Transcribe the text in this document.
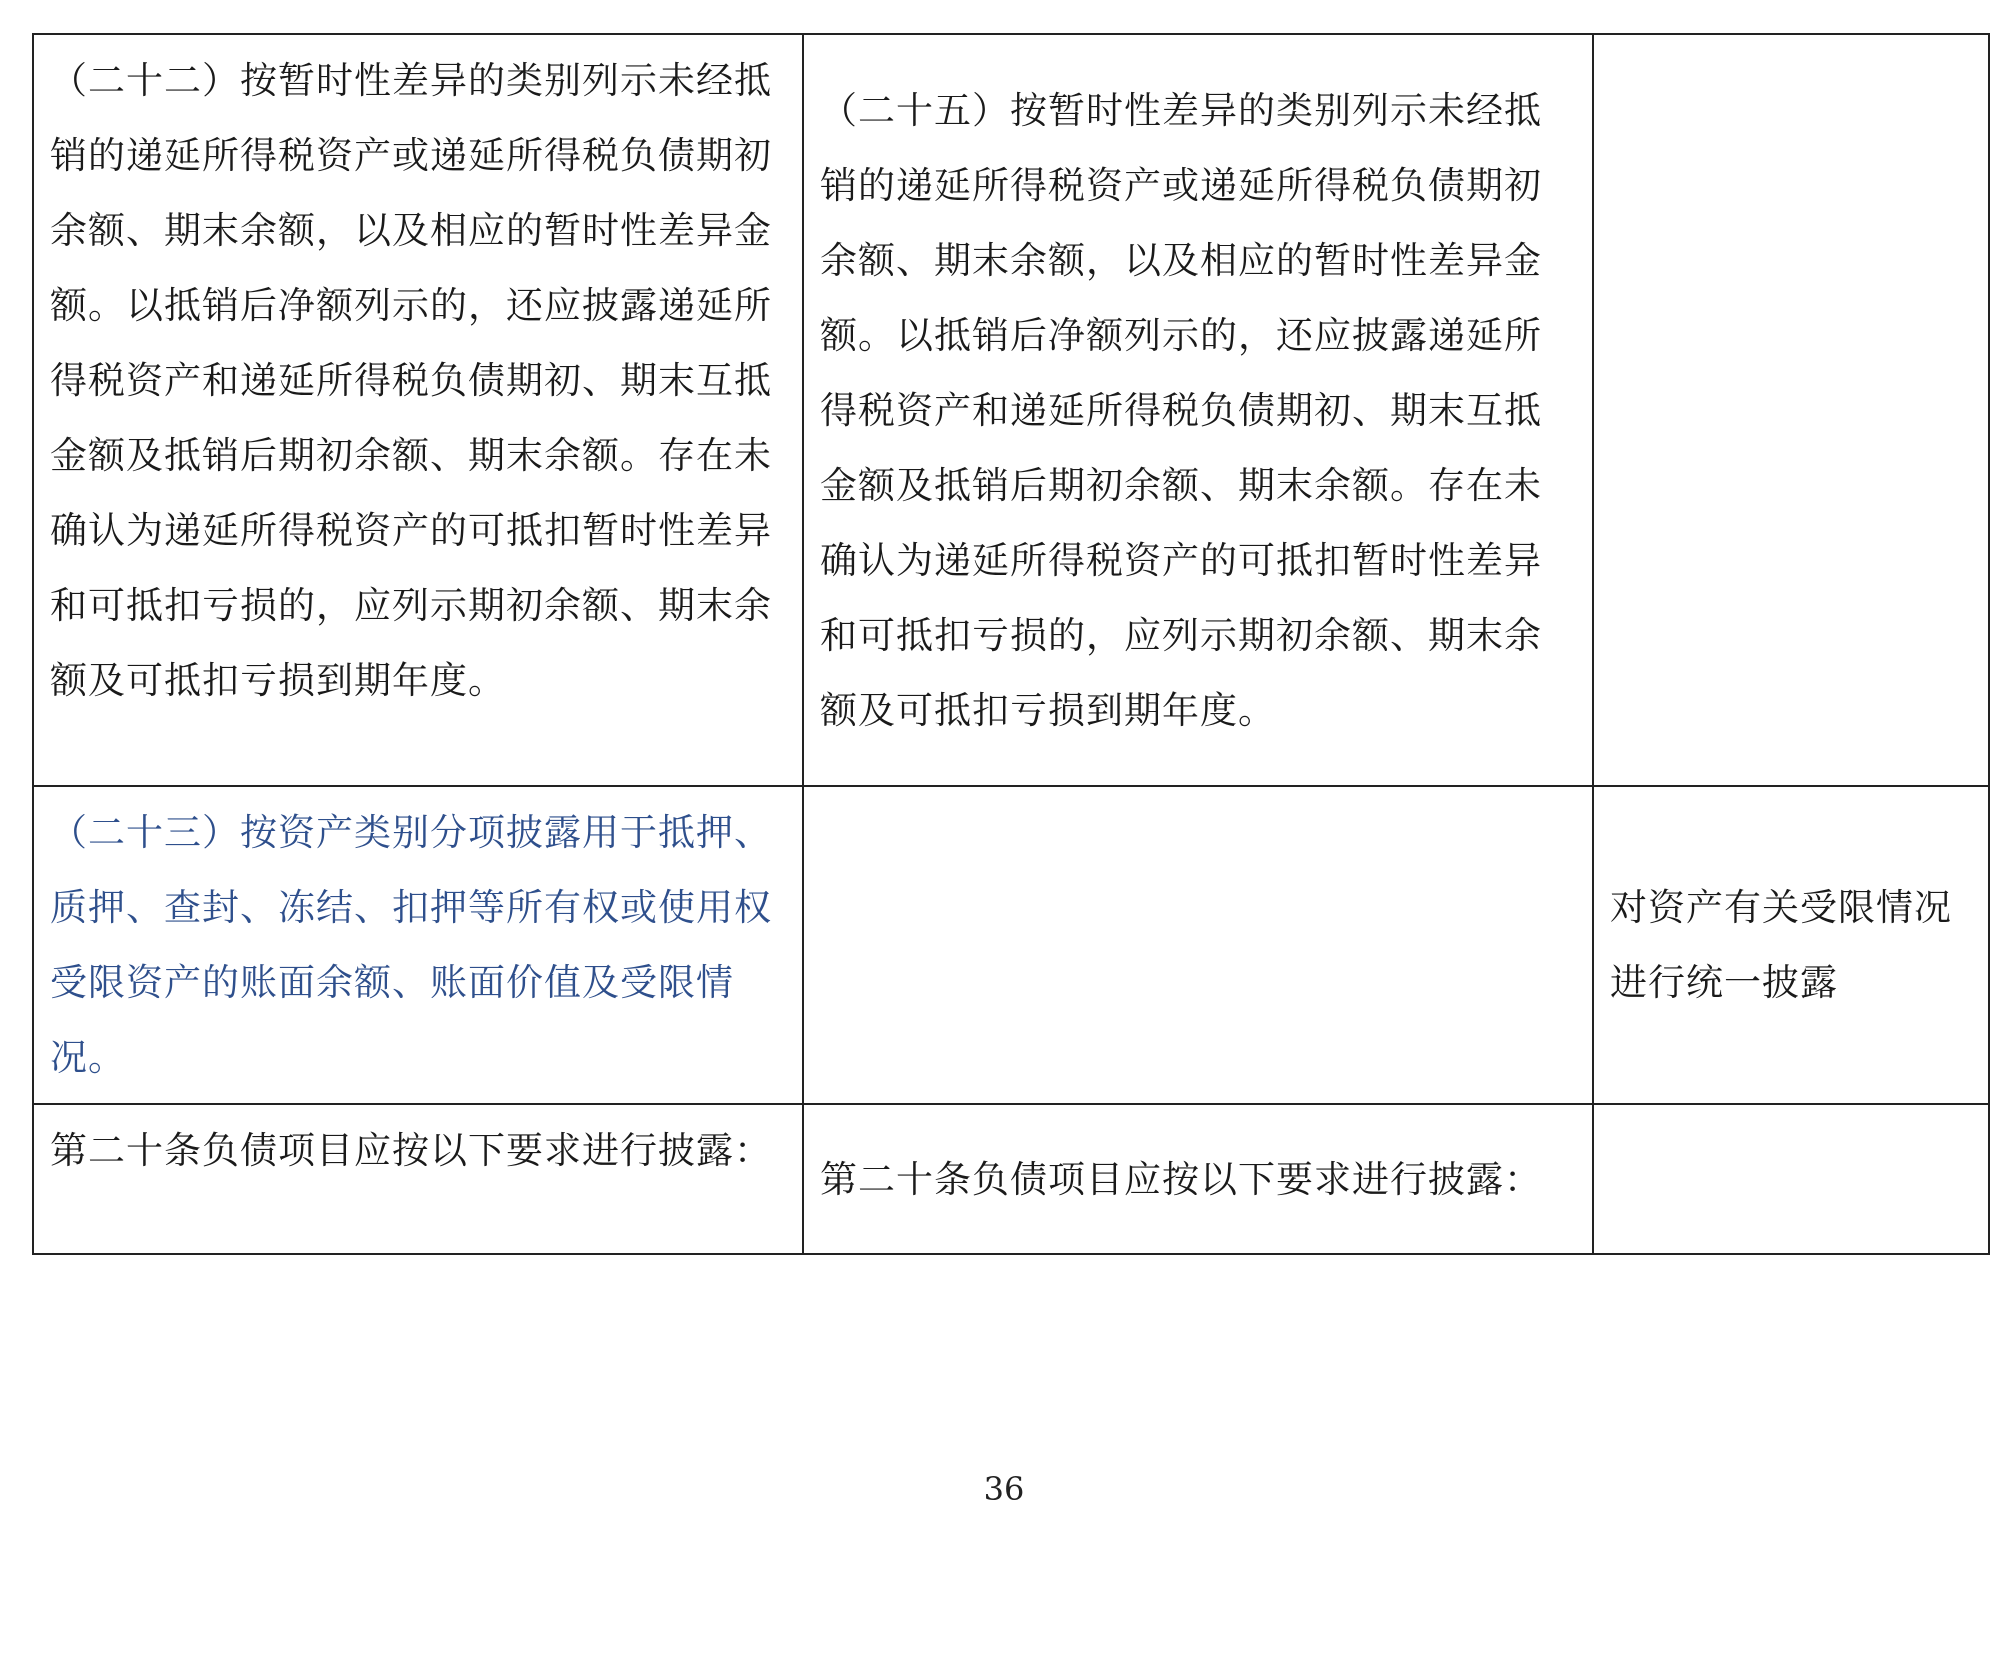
（二十二）按暂时性差异的类别列示未经抵销的递延所得税资产或递延所得税负债期初余额、期末余额，以及相应的暂时性差异金额。以抵销后净额列示的，还应披露递延所得税资产和递延所得税负债期初、期末互抵金额及抵销后期初余额、期末余额。存在未确认为递延所得税资产的可抵扣暂时性差异和可抵扣亏损的，应列示期初余额、期末余额及可抵扣亏损到期年度。	（二十五）按暂时性差异的类别列示未经抵销的递延所得税资产或递延所得税负债期初余额、期末余额，以及相应的暂时性差异金额。以抵销后净额列示的，还应披露递延所得税资产和递延所得税负债期初、期末互抵金额及抵销后期初余额、期末余额。存在未确认为递延所得税资产的可抵扣暂时性差异和可抵扣亏损的，应列示期初余额、期末余额及可抵扣亏损到期年度。	
（二十三）按资产类别分项披露用于抵押、质押、查封、冻结、扣押等所有权或使用权受限资产的账面余额、账面价值及受限情况。		对资产有关受限情况进行统一披露
第二十条负债项目应按以下要求进行披露：	第二十条负债项目应按以下要求进行披露：	
36
